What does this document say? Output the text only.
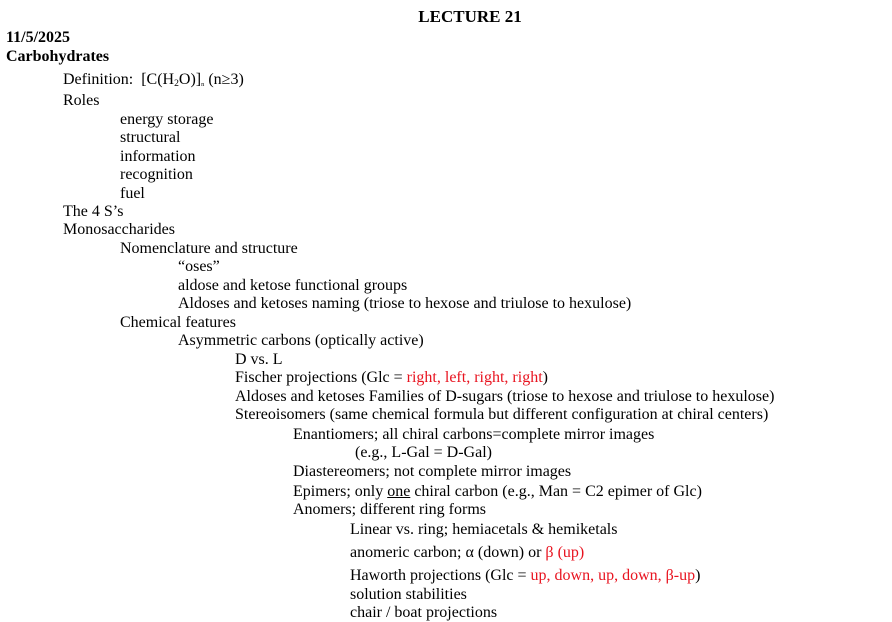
LECTURE 21
11/5/2025
Carbohydrates
Definition: $[C(H_2O)]_n$ (n≥3)
Roles
energy storage
structural
information
recognition
fuel
The 4 S’s
Monosaccharides
Nomenclature and structure
“oses”
aldose and ketose functional groups
Aldoses and ketoses naming (triose to hexose and triulose to hexulose)
Chemical features
Asymmetric carbons (optically active)
D vs. L
Fischer projections (Glc = right, left, right, right)
Aldoses and ketoses Families of D-sugars (triose to hexose and triulose to hexulose)
Stereoisomers (same chemical formula but different configuration at chiral centers)
Enantiomers; all chiral carbons=complete mirror images
(e.g., L-Gal = D-Gal)
Diastereomers; not complete mirror images
Epimers; only one chiral carbon (e.g., Man = C2 epimer of Glc)
Anomers; different ring forms
Linear vs. ring; hemiacetals & hemiketals
anomeric carbon; α (down) or β (up)
Haworth projections (Glc = up, down, up, down, β-up)
solution stabilities
chair / boat projections
